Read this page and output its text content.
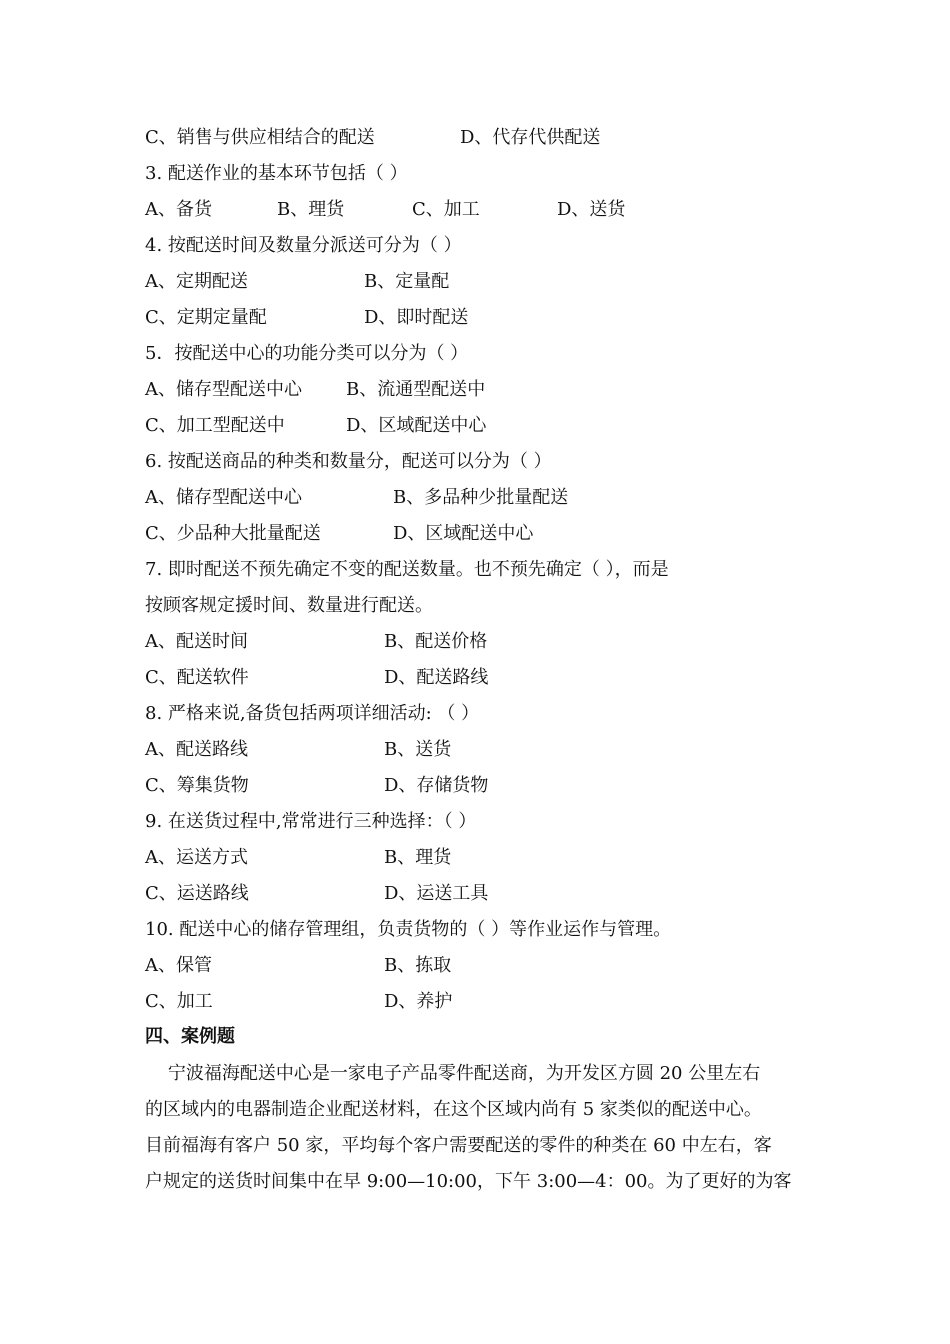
C、销售与供应相结合的配送	D、代存代供配送
3. 配送作业的基本环节包括（ ）
A、备货	B、理货	C、加工	D、送货
4. 按配送时间及数量分派送可分为（ ）
A、定期配送	B、定量配
C、定期定量配	D、即时配送
5．按配送中心的功能分类可以分为（ ）
A、储存型配送中心 B、流通型配送中
C、加工型配送中	D、区域配送中心
6. 按配送商品的种类和数量分，配送可以分为（ ）
A、储存型配送中心	B、多品种少批量配送
C、少品种大批量配送	D、区域配送中心
7. 即时配送不预先确定不变的配送数量。也不预先确定（ ），而是
按顾客规定援时间、数量进行配送。
A、配送时间	B、配送价格
C、配送软件	D、配送路线
8. 严格来说,备货包括两项详细活动: （ ）
A、配送路线	B、送货
C、筹集货物	D、存储货物
9. 在送货过程中,常常进行三种选择：（ ）
A、运送方式	B、理货
C、运送路线	D、运送工具
10. 配送中心的储存管理组，负责货物的（ ）等作业运作与管理。
A、保管	B、拣取
C、加工	D、养护
四、案例题
宁波福海配送中心是一家电子产品零件配送商，为开发区方圆 20 公里左右
的区域内的电器制造企业配送材料，在这个区域内尚有 5 家类似的配送中心。
目前福海有客户 50 家，平均每个客户需要配送的零件的种类在 60 中左右，客
户规定的送货时间集中在早 9:00—10:00，下午 3:00—4：00。为了更好的为客
